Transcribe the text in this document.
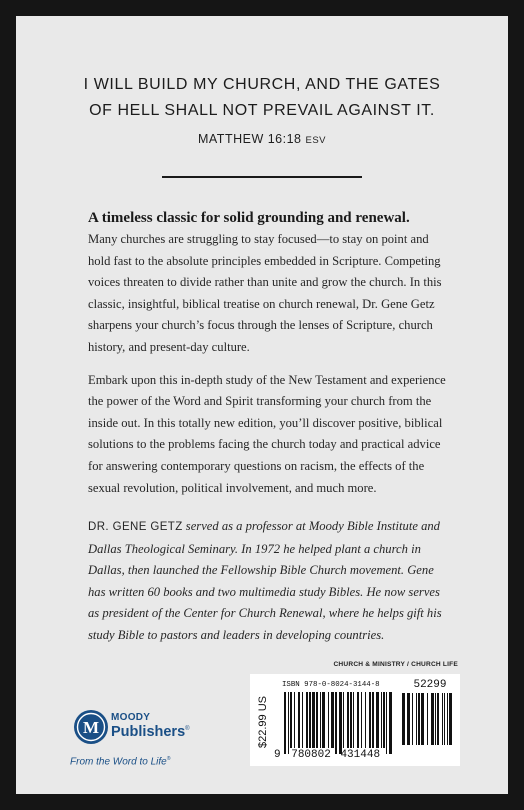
I WILL BUILD MY CHURCH, AND THE GATES
OF HELL SHALL NOT PREVAIL AGAINST IT.
MATTHEW 16:18 ESV
A timeless classic for solid grounding and renewal.

Many churches are struggling to stay focused—to stay on point and hold fast to the absolute principles embedded in Scripture. Competing voices threaten to divide rather than unite and grow the church. In this classic, insightful, biblical treatise on church renewal, Dr. Gene Getz sharpens your church’s focus through the lenses of Scripture, church history, and present-day culture.

Embark upon this in-depth study of the New Testament and experience the power of the Word and Spirit transforming your church from the inside out. In this totally new edition, you’ll discover positive, biblical solutions to the problems facing the church today and practical advice for answering contemporary questions on racism, the effects of the sexual revolution, political involvement, and much more.

DR. GENE GETZ served as a professor at Moody Bible Institute and Dallas Theological Seminary. In 1972 he helped plant a church in Dallas, then launched the Fellowship Bible Church movement. Gene has written 60 books and two multimedia study Bibles. He now serves as president of the Center for Church Renewal, where he helps gift his study Bible to pastors and leaders in developing countries.
CHURCH & MINISTRY / CHURCH LIFE
$22.99 US
ISBN 978-0-8024-3144-8	52299
9 780802 431448
M
MOODY
Publishers®
From the Word to Life®
